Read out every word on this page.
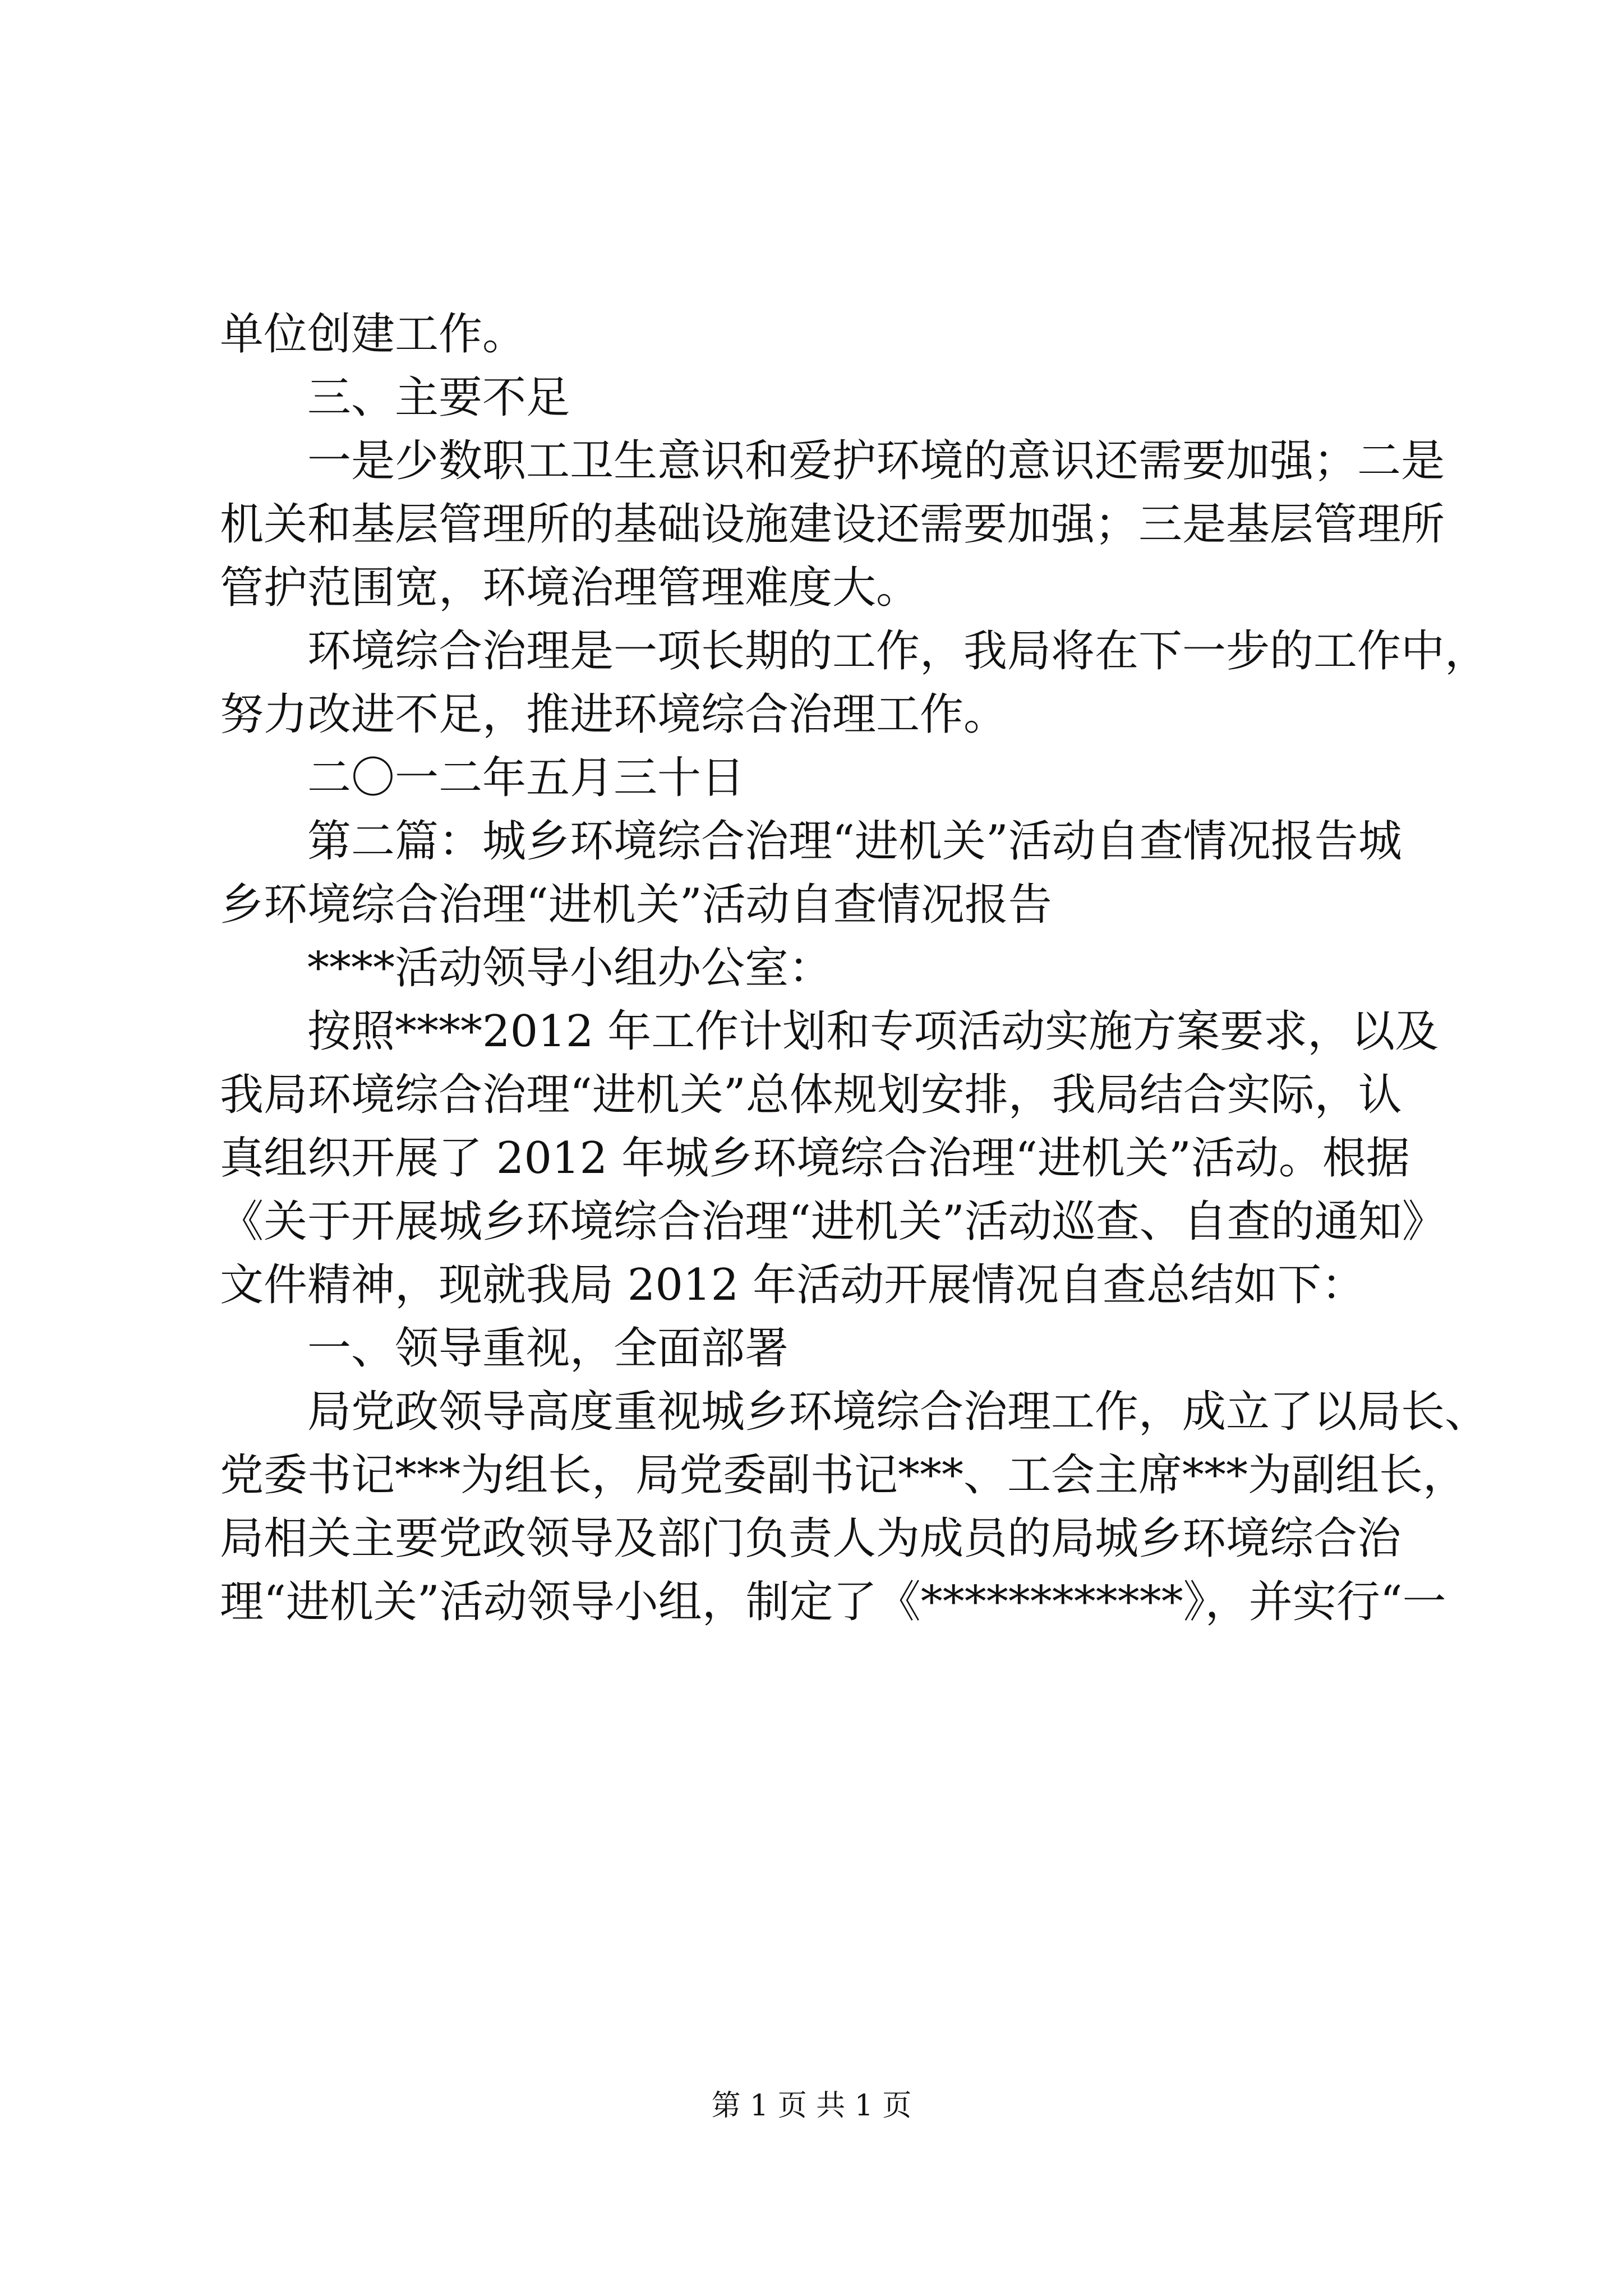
单位创建工作。
三、主要不足
一是少数职工卫生意识和爱护环境的意识还需要加强；二是
机关和基层管理所的基础设施建设还需要加强；三是基层管理所
管护范围宽，环境治理管理难度大。
环境综合治理是一项长期的工作，我局将在下一步的工作中，
努力改进不足，推进环境综合治理工作。
二〇一二年五月三十日
第二篇：城乡环境综合治理“进机关”活动自查情况报告城
乡环境综合治理“进机关”活动自查情况报告
****活动领导小组办公室：
按照****2012 年工作计划和专项活动实施方案要求，以及
我局环境综合治理“进机关”总体规划安排，我局结合实际，认
真组织开展了 2012 年城乡环境综合治理“进机关”活动。根据
《关于开展城乡环境综合治理“进机关”活动巡查、自查的通知》
文件精神，现就我局 2012 年活动开展情况自查总结如下：
一、领导重视，全面部署
局党政领导高度重视城乡环境综合治理工作，成立了以局长、
党委书记***为组长，局党委副书记***、工会主席***为副组长，
局相关主要党政领导及部门负责人为成员的局城乡环境综合治
理“进机关”活动领导小组，制定了《************》，并实行“一
第 1 页 共 1 页
